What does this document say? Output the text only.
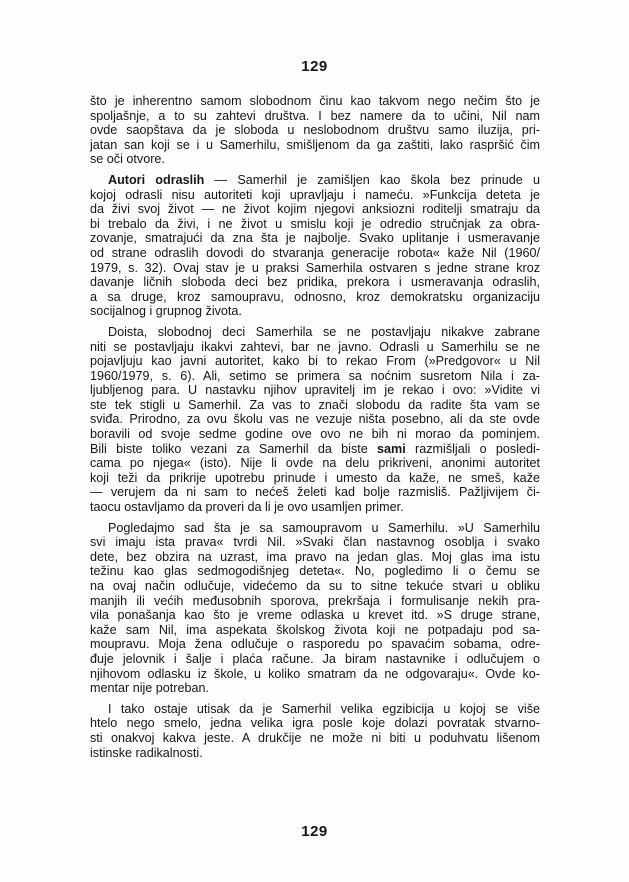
129
što je inherentno samom slobodnom činu kao takvom nego nečim što je
spoljašnje, a to su zahtevi društva. I bez namere da to učini, Nil nam
ovde saopštava da je sloboda u neslobodnom društvu samo iluzija, pri-
jatan san koji se i u Samerhilu, smišljenom da ga zaštiti, lako raspršić čim
se oči otvore.
Autori odraslih — Samerhil je zamišljen kao škola bez prinude u
kojoj odrasli nisu autoriteti koji upravljaju i nameću. »Funkcija deteta je
da živi svoj život — ne život kojim njegovi anksiozni roditelji smatraju da
bi trebalo da živi, i ne život u smislu koji je odredio stručnjak za obra-
zovanje, smatrajući da zna šta je najbolje. Svako uplitanje i usmeravanje
od strane odraslih dovodi do stvaranja generacije robota« kaže Nil (1960/
1979, s. 32). Ovaj stav je u praksi Samerhila ostvaren s jedne strane kroz
davanje ličnih sloboda deci bez pridika, prekora i usmeravanja odraslih,
a sa druge, kroz samoupravu, odnosno, kroz demokratsku organizaciju
socijalnog i grupnog života.
Doista, slobodnoj deci Samerhila se ne postavljaju nikakve zabrane
niti se postavljaju ikakvi zahtevi, bar ne javno. Odrasli u Samerhilu se ne
pojavljuju kao javni autoritet, kako bi to rekao From (»Predgovor« u Nil
1960/1979, s. 6). Ali, setimo se primera sa noćnim susretom Nila i za-
ljubljenog para. U nastavku njihov upravitelj im je rekao i ovo: »Vidite vi
ste tek stigli u Samerhil. Za vas to znači slobodu da radite šta vam se
sviđa. Prirodno, za ovu školu vas ne vezuje ništa posebno, ali da ste ovde
boravili od svoje sedme godine ove ovo ne bih ni morao da pominjem.
Bili biste toliko vezani za Samerhil da biste sami razmišljali o posledi-
cama po njega« (isto). Nije li ovde na delu prikriveni, anonimi autoritet
koji teži da prikrije upotrebu prinude i umesto da kaže, ne smeš, kaže
— verujem da ni sam to nećeš želeti kad bolje razmisliš. Pažljivijem či-
taocu ostavljamo da proveri da li je ovo usamljen primer.
Pogledajmo sad šta je sa samoupravom u Samerhilu. »U Samerhilu
svi imaju ista prava« tvrdi Nil. »Svaki član nastavnog osoblja i svako
dete, bez obzira na uzrast, ima pravo na jedan glas. Moj glas ima istu
težinu kao glas sedmogodišnjeg deteta«. No, pogledimo li o čemu se
na ovaj način odlučuje, videćemo da su to sitne tekuće stvari u obliku
manjih ili većih međusobnih sporova, prekršaja i formulisanje nekih pra-
vila ponašanja kao što je vreme odlaska u krevet itd. »S druge strane,
kaže sam Nil, ima aspekata školskog života koji ne potpadaju pod sa-
moupravu. Moja žena odlučuje o rasporedu po spavaćim sobama, odre-
đuje jelovnik i šalje i plaća račune. Ja biram nastavnike i odlučujem o
njihovom odlasku iz škole, u koliko smatram da ne odgovaraju«. Ovde ko-
mentar nije potreban.
I tako ostaje utisak da je Samerhil velika egzibicija u kojoj se više
htelo nego smelo, jedna velika igra posle koje dolazi povratak stvarno-
sti onakvoj kakva jeste. A drukčije ne može ni biti u poduhvatu lišenom
istinske radikalnosti.
129
